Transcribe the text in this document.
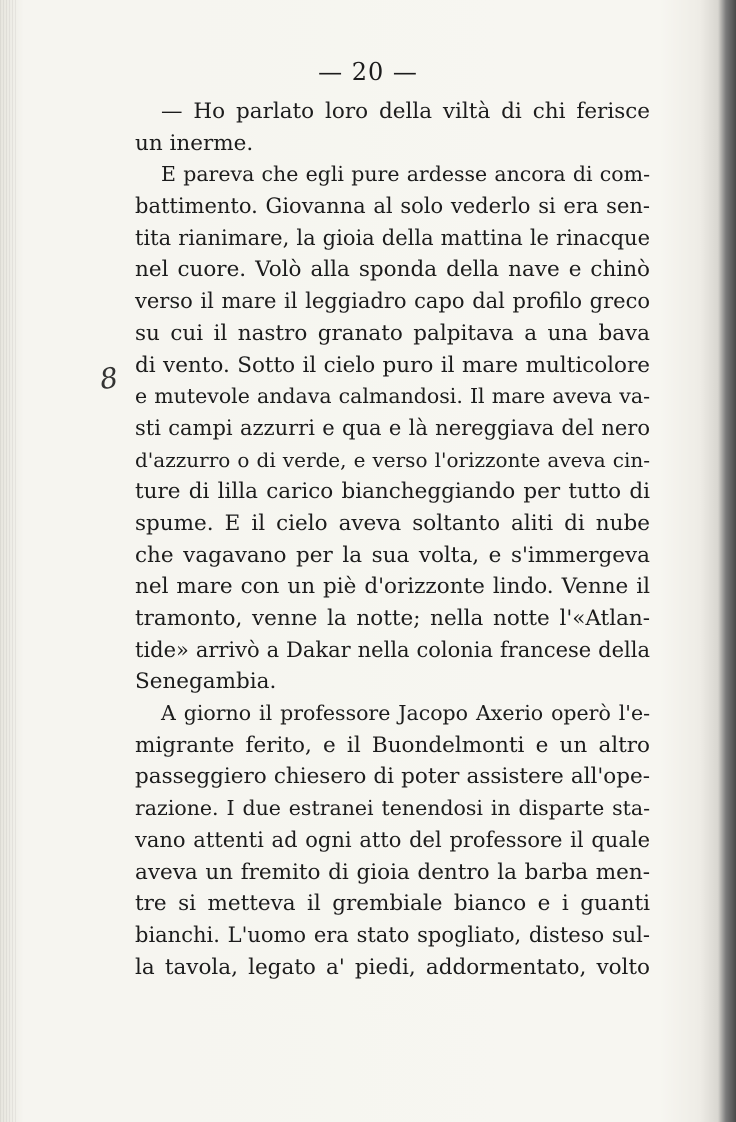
— 20 —
8
— Ho parlato loro della viltà di chi ferisce
un inerme.
E pareva che egli pure ardesse ancora di com-
battimento. Giovanna al solo vederlo si era sen-
tita rianimare, la gioia della mattina le rinacque
nel cuore. Volò alla sponda della nave e chinò
verso il mare il leggiadro capo dal profilo greco
su cui il nastro granato palpitava a una bava
di vento. Sotto il cielo puro il mare multicolore
e mutevole andava calmandosi. Il mare aveva va-
sti campi azzurri e qua e là nereggiava del nero
d'azzurro o di verde, e verso l'orizzonte aveva cin-
ture di lilla carico biancheggiando per tutto di
spume. E il cielo aveva soltanto aliti di nube
che vagavano per la sua volta, e s'immergeva
nel mare con un piè d'orizzonte lindo. Venne il
tramonto, venne la notte; nella notte l'«Atlan-
tide» arrivò a Dakar nella colonia francese della
Senegambia.
A giorno il professore Jacopo Axerio operò l'e-
migrante ferito, e il Buondelmonti e un altro
passeggiero chiesero di poter assistere all'ope-
razione. I due estranei tenendosi in disparte sta-
vano attenti ad ogni atto del professore il quale
aveva un fremito di gioia dentro la barba men-
tre si metteva il grembiale bianco e i guanti
bianchi. L'uomo era stato spogliato, disteso sul-
la tavola, legato a' piedi, addormentato, volto
